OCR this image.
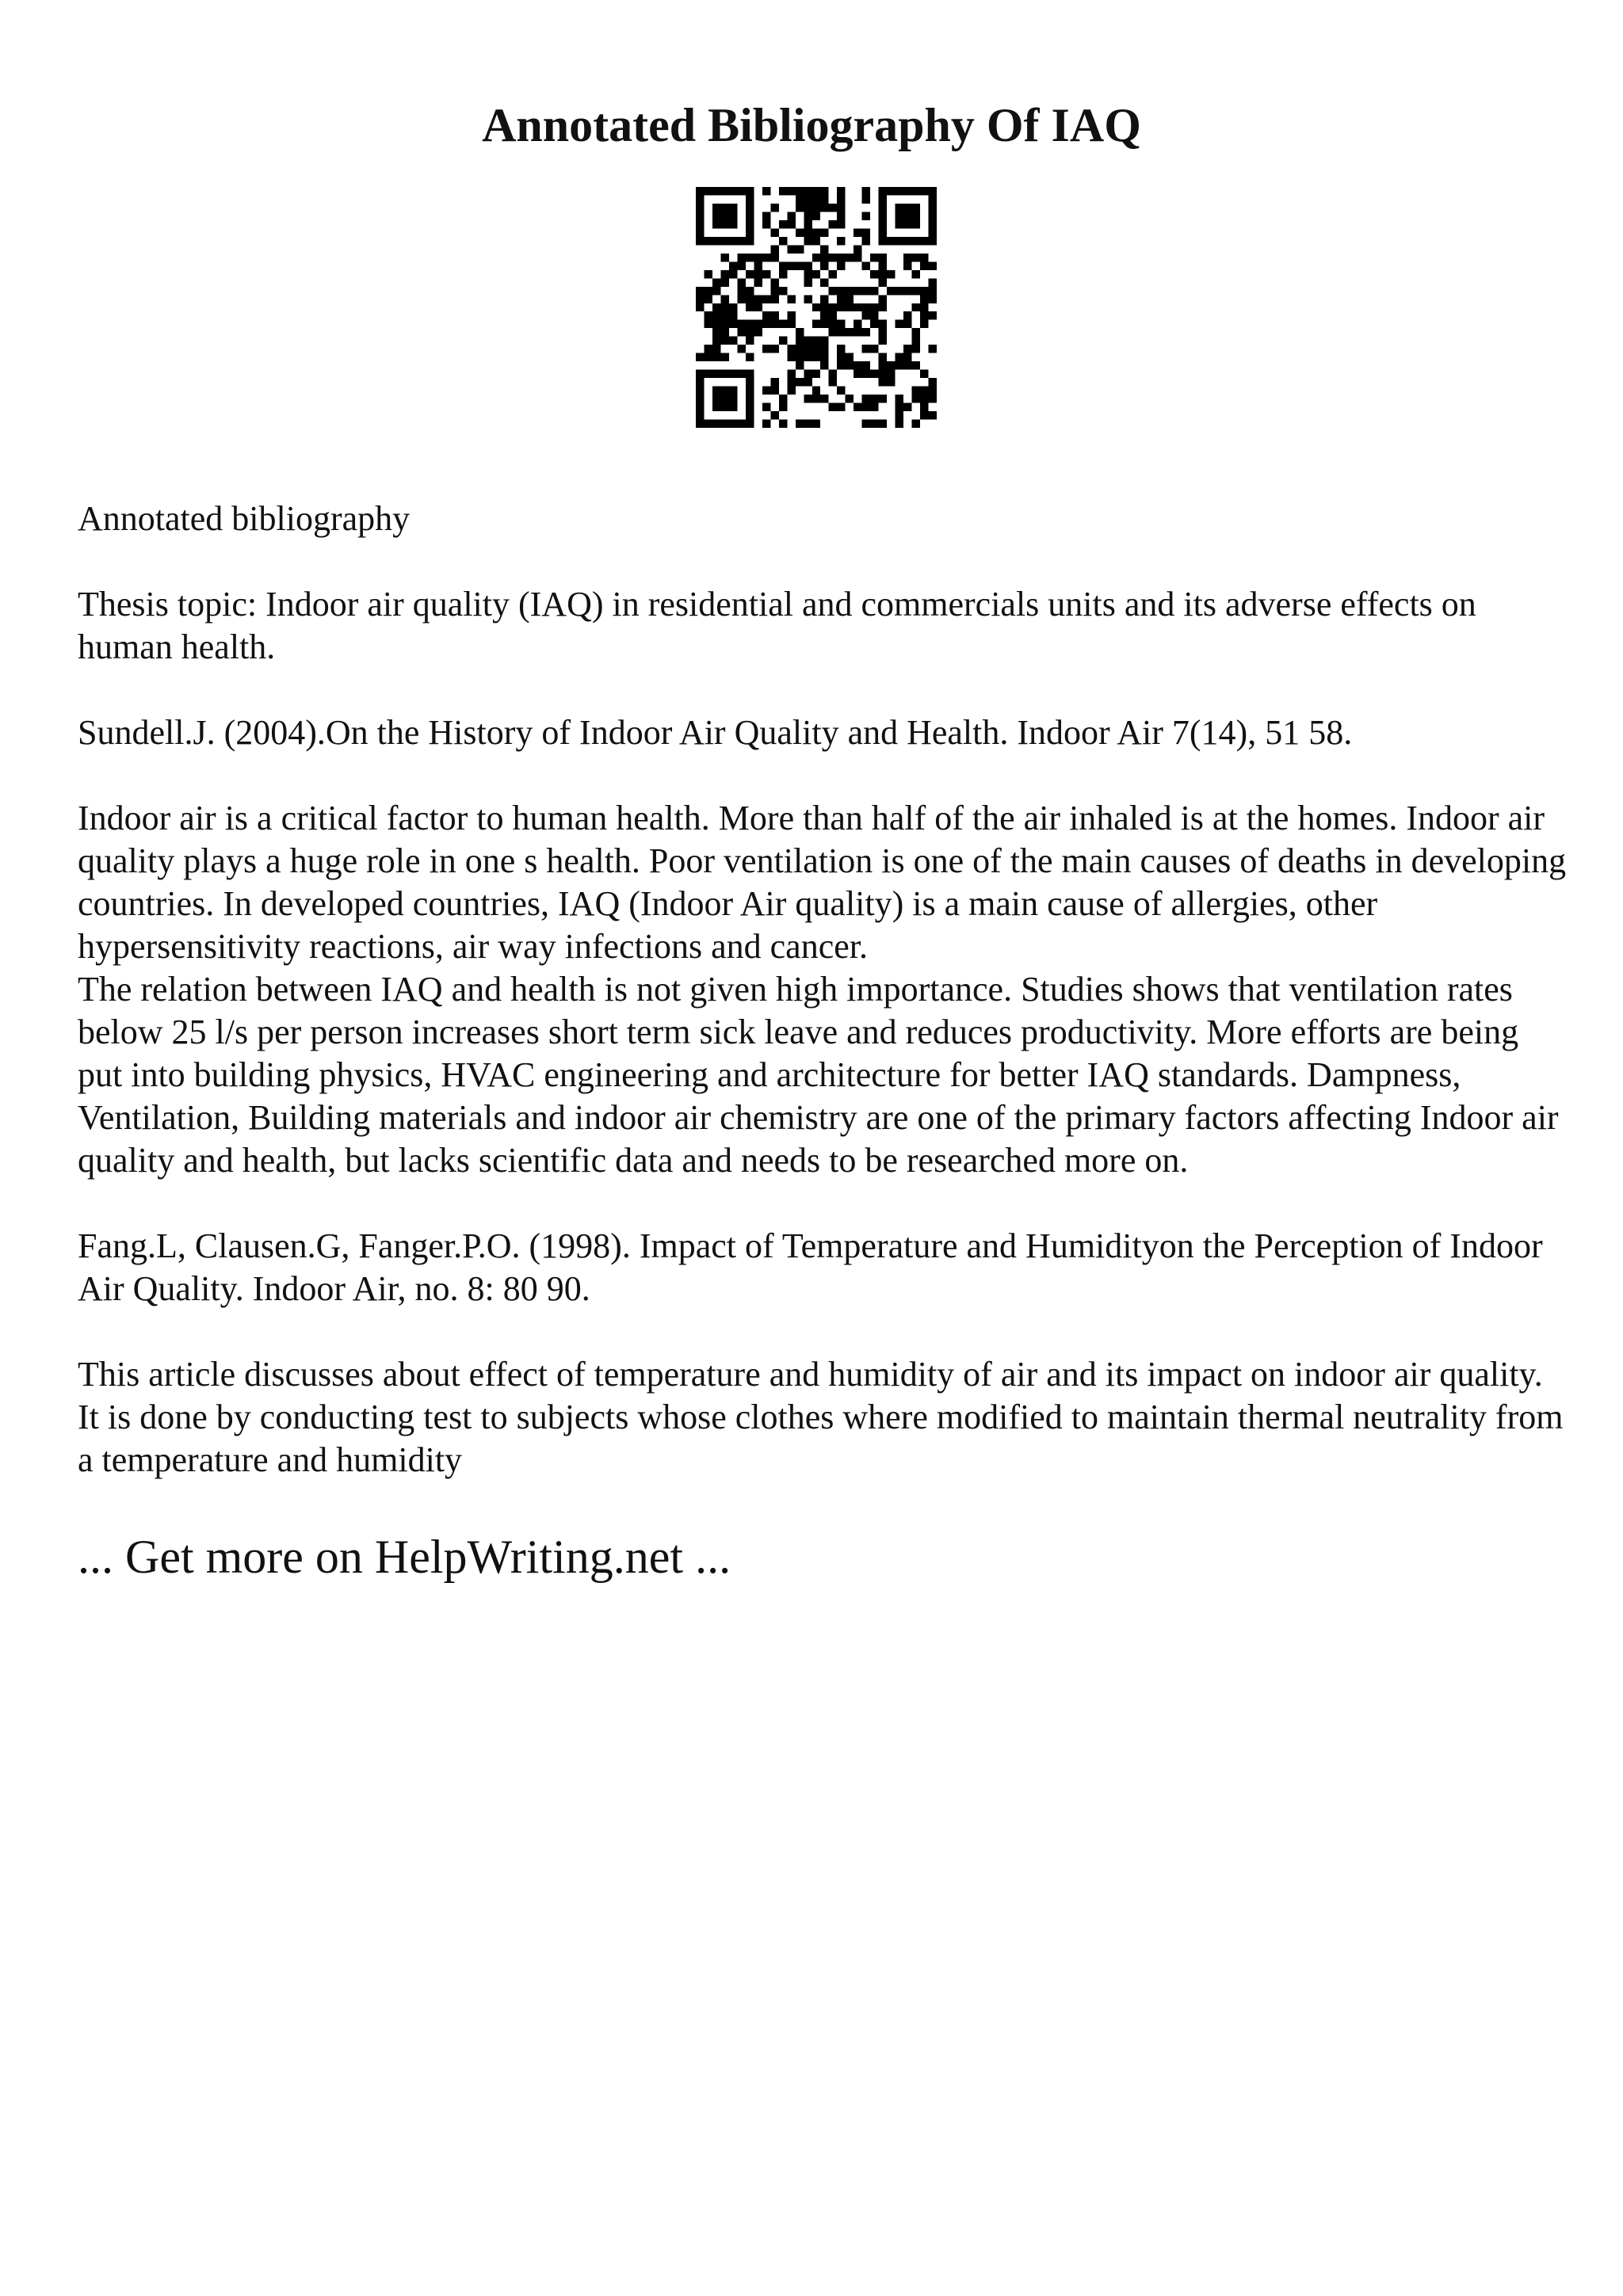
Annotated Bibliography Of IAQ

Annotated bibliography

Thesis topic: Indoor air quality (IAQ) in residential and commercials units and its adverse effects on human health.

Sundell.J. (2004).On the History of Indoor Air Quality and Health. Indoor Air 7(14), 51 58.

Indoor air is a critical factor to human health. More than half of the air inhaled is at the homes. Indoor air quality plays a huge role in one s health. Poor ventilation is one of the main causes of deaths in developing countries. In developed countries, IAQ (Indoor Air quality) is a main cause of allergies, other hypersensitivity reactions, air way infections and cancer.

The relation between IAQ and health is not given high importance. Studies shows that ventilation rates below 25 l/s per person increases short term sick leave and reduces productivity. More efforts are being put into building physics, HVAC engineering and architecture for better IAQ standards. Dampness, Ventilation, Building materials and indoor air chemistry are one of the primary factors affecting Indoor air quality and health, but lacks scientific data and needs to be researched more on.

Fang.L, Clausen.G, Fanger.P.O. (1998). Impact of Temperature and Humidityon the Perception of Indoor Air Quality. Indoor Air, no. 8: 80 90.

This article discusses about effect of temperature and humidity of air and its impact on indoor air quality. It is done by conducting test to subjects whose clothes where modified to maintain thermal neutrality from a temperature and humidity

... Get more on HelpWriting.net ...
